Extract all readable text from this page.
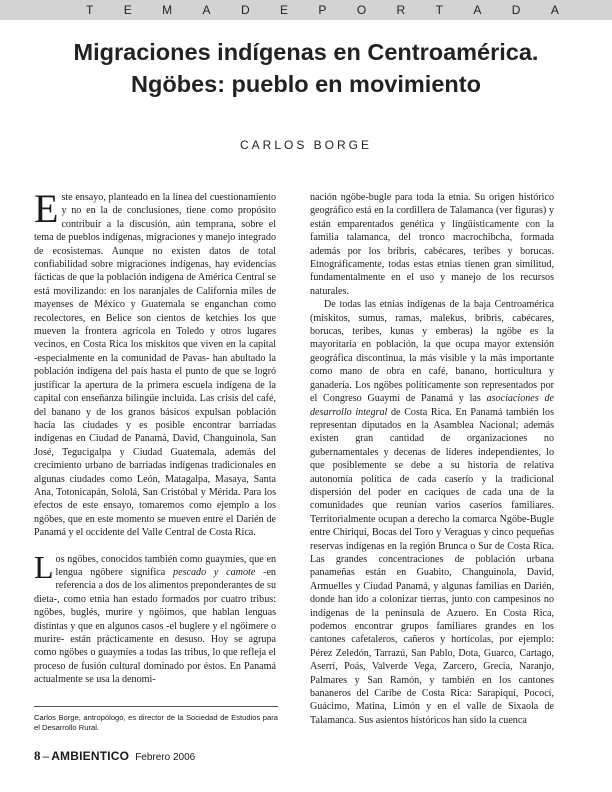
T E M A D E P O R T A D A
Migraciones indígenas en Centroamérica.
Ngöbes: pueblo en movimiento
CARLOS BORGE

Este ensayo, planteado en la línea del cuestionamiento y no en la de conclusiones, tiene como propósito contribuir a la discusión, aún temprana, sobre el tema de pueblos indígenas, migraciones y manejo integrado de ecosistemas. Aunque no existen datos de total confiabilidad sobre migraciones indígenas, hay evidencias fácticas de que la población indígena de América Central se está movilizando: en los naranjales de California miles de mayenses de México y Guatemala se enganchan como recolectores, en Belice son cientos de ketchies los que mueven la frontera agrícola en Toledo y otros lugares vecinos, en Costa Rica los miskitos que viven en la capital -especialmente en la comunidad de Pavas- han abultado la población indígena del país hasta el punto de que se logró justificar la apertura de la primera escuela indígena de la capital con enseñanza bilingüe incluida. Las crisis del café, del banano y de los granos básicos expulsan población hacia las ciudades y es posible encontrar barriadas indígenas en Ciudad de Panamá, David, Changuinola, San José, Tegucigalpa y Ciudad Guatemala, además del crecimiento urbano de barriadas indígenas tradicionales en algunas ciudades como León, Matagalpa, Masaya, Santa Ana, Totonicapán, Sololá, San Cristóbal y Mérida. Para los efectos de este ensayo, tomaremos como ejemplo a los ngöbes, que en este momento se mueven entre el Darién de Panamá y el occidente del Valle Central de Costa Rica.

Los ngöbes, conocidos también como guaymíes, que en lengua ngöbere significa pescado y camote -en referencia a dos de los alimentos preponderantes de su dieta-, como etnia han estado formados por cuatro tribus: ngöbes, buglés, murire y ngöimos, que hablan lenguas distintas y que en algunos casos -el buglere y el ngöimere o murire- están prácticamente en desuso. Hoy se agrupa como ngöbes o guaymíes a todas las tribus, lo que refleja el proceso de fusión cultural dominado por éstos. En Panamá actualmente se usa la denomi-

nación ngöbe-bugle para toda la etnia. Su origen histórico geográfico está en la cordillera de Talamanca (ver figuras) y están emparentados genética y lingüísticamente con la familia talamanca, del tronco macrochibcha, formada además por los bribris, cabécares, teribes y borucas. Etnográficamente, todas estas etnias tienen gran similitud, fundamentalmente en el uso y manejo de los recursos naturales.

De todas las etnias indígenas de la baja Centroamérica (miskitos, sumus, ramas, malekus, bribris, cabécares, borucas, teribes, kunas y emberas) la ngöbe es la mayoritaria en población, la que ocupa mayor extensión geográfica discontinua, la más visible y la más importante como mano de obra en café, banano, horticultura y ganadería. Los ngöbes políticamente son representados por el Congreso Guaymí de Panamá y las asociaciones de desarrollo integral de Costa Rica. En Panamá también los representan diputados en la Asamblea Nacional; además existen gran cantidad de organizaciones no gubernamentales y decenas de líderes independientes, lo que posiblemente se debe a su historia de relativa autonomía política de cada caserío y la tradicional dispersión del poder en caciques de cada una de la comunidades que reunían varios caseríos familiares. Territorialmente ocupan a derecho la comarca Ngöbe-Bugle entre Chiriquí, Bocas del Toro y Veraguas y cinco pequeñas reservas indígenas en la región Brunca o Sur de Costa Rica. Las grandes concentraciones de población urbana panameñas están en Guabito, Changuinola, David, Armuelles y Ciudad Panamá, y algunas familias en Darién, donde han ido a colonizar tierras, junto con campesinos no indígenas de la península de Azuero. En Costa Rica, podemos encontrar grupos familiares grandes en los cantones cafetaleros, cañeros y hortícolas, por ejemplo: Pérez Zeledón, Tarrazú, San Pablo, Dota, Guarco, Cartago, Aserrí, Poás, Valverde Vega, Zarcero, Grecia, Naranjo, Palmares y San Ramón, y también en los cantones bananeros del Caribe de Costa Rica: Sarapiquí, Pococí, Guácimo, Matina, Limón y en el valle de Sixaola de Talamanca. Sus asientos históricos han sido la cuenca

Carlos Borge, antropólogo, es director de la Sociedad de Estudios para el Desarrollo Rural.
8 – AMBIENTICO Febrero 2006
